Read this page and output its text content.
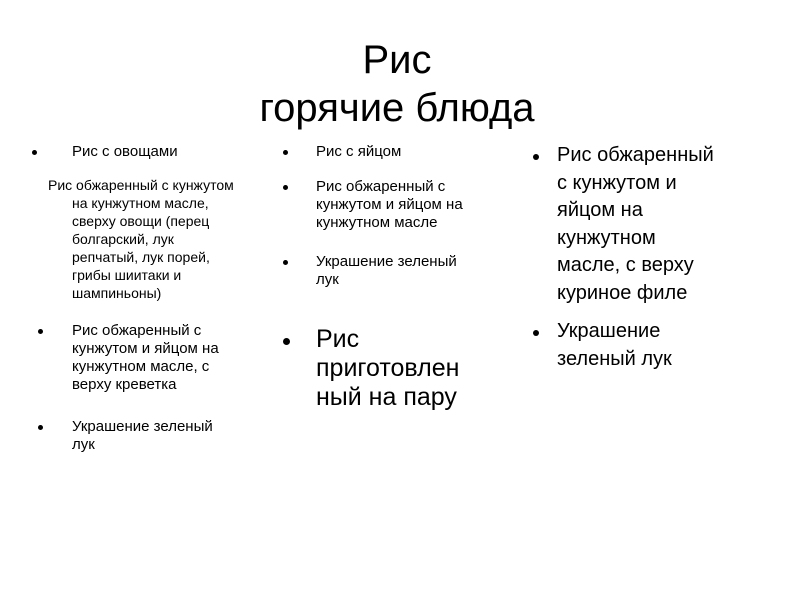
Рис
горячие блюда
Рис с овощами
Рис обжаренный с кунжутом
на кунжутном масле,
сверху овощи (перец
болгарский, лук
репчатый, лук порей,
грибы шиитаки и
шампиньоны)
Рис обжаренный с
кунжутом и яйцом на
кунжутном масле, с
верху креветка
Украшение зеленый
лук
Рис с яйцом
Рис обжаренный с
кунжутом и яйцом на
кунжутном масле
Украшение зеленый
лук
Рис
приготовлен
ный на пару
Рис обжаренный
с кунжутом и
яйцом на
кунжутном
масле, с верху
куриное филе
Украшение
зеленый лук
